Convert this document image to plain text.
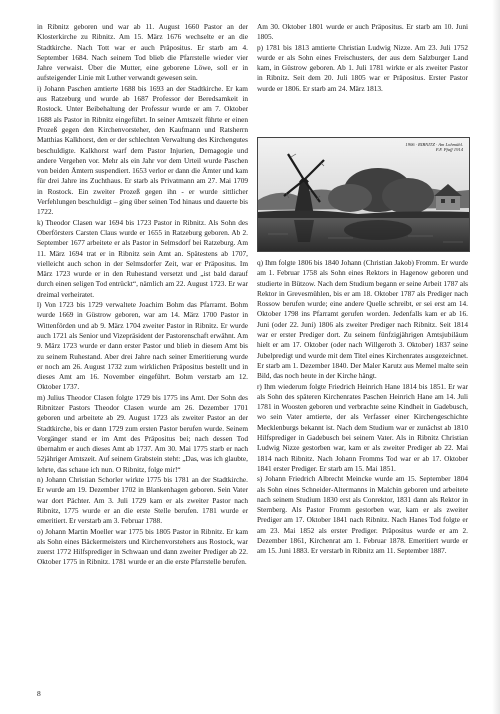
in Ribnitz geboren und war ab 11. August 1660 Pastor an der Klosterkirche zu Ribnitz. Am 15. März 1676 wechselte er an die Stadtkirche. Nach Tott war er auch Präpositus. Er starb am 4. September 1684. Nach seinem Tod blieb die Pfarrstelle wieder vier Jahre verwaist. Über die Mutter, eine geborene Löwe, soll er in aufsteigender Linie mit Luther verwandt gewesen sein.

i) Johann Paschen amtierte 1688 bis 1693 an der Stadtkirche. Er kam aus Ratzeburg und wurde ab 1687 Professor der Beredsamkeit in Rostock. Unter Beibehaltung der Professur wurde er am 7. Oktober 1688 als Pastor in Ribnitz eingeführt. In seiner Amtszeit führte er einen Prozeß gegen den Kirchenvorsteher, den Kaufmann und Ratsherrn Matthias Kalkhorst, den er der schlechten Verwaltung des Kirchengutes beschuldigte. Kalkhorst warf dem Pastor Injurien, Demagogie und andere Vergehen vor. Mehr als ein Jahr vor dem Urteil wurde Paschen von beiden Ämtern suspendiert. 1653 verlor er dann die Ämter und kam für drei Jahre ins Zuchthaus. Er starb als Privatmann am 27. Mai 1709 in Rostock. Ein zweiter Prozeß gegen ihn - er wurde sittlicher Verfehlungen beschuldigt – ging über seinen Tod hinaus und dauerte bis 1722.

k) Theodor Clasen war 1694 bis 1723 Pastor in Ribnitz. Als Sohn des Oberförsters Carsten Claus wurde er 1655 in Ratzeburg geboren. Ab 2. September 1677 arbeitete er als Pastor in Selmsdorf bei Ratzeburg. Am 11. März 1694 trat er in Ribnitz sein Amt an. Spätestens ab 1707, vielleicht auch schon in der Selmsdorfer Zeit, war er Präpositus. Im März 1723 wurde er in den Ruhestand versetzt und „ist bald darauf durch einen seligen Tod entrückt“, nämlich am 22. August 1723. Er war dreimal verheiratet.

l) Von 1723 bis 1729 verwaltete Joachim Bohm das Pfarramt. Bohm wurde 1669 in Güstrow geboren, war am 14. März 1700 Pastor in Wittenförden und ab 9. März 1704 zweiter Pastor in Ribnitz. Er wurde auch 1721 als Senior und Vizepräsident der Pastorenschaft erwähnt. Am 9. März 1723 wurde er dann erster Pastor und blieb in diesem Amt bis zu seinem Ruhestand. Aber drei Jahre nach seiner Emeritierung wurde er noch am 26. August 1732 zum wirklichen Präpositus bestellt und in dieses Amt am 16. November eingeführt. Bohm verstarb am 12. Oktober 1737.

m) Julius Theodor Clasen folgte 1729 bis 1775 ins Amt. Der Sohn des Ribnitzer Pastors Theodor Clasen wurde am 26. Dezember 1701 geboren und arbeitete ab 29. August 1723 als zweiter Pastor an der Stadtkirche, bis er dann 1729 zum ersten Pastor berufen wurde. Seinem Vorgänger stand er im Amt des Präpositus bei; nach dessen Tod übernahm er auch dieses Amt ab 1737. Am 30. Mai 1775 starb er nach 52jähriger Amtszeit. Auf seinem Grabstein steht: „Das, was ich glaubte, lehrte, das schaue ich nun. O Ribnitz, folge mir!“

n) Johann Christian Schorler wirkte 1775 bis 1781 an der Stadtkirche. Er wurde am 19. Dezember 1702 in Blankenhagen geboren. Sein Vater war dort Pächter. Am 3. Juli 1729 kam er als zweiter Pastor nach Ribnitz, 1775 wurde er an die erste Stelle berufen. 1781 wurde er emeritiert. Er verstarb am 3. Februar 1788.

o) Johann Martin Moeller war 1775 bis 1805 Pastor in Ribnitz. Er kam als Sohn eines Bäckermeisters und Kirchenvorstehers aus Rostock, war zuerst 1772 Hilfsprediger in Schwaan und dann zweiter Prediger ab 22. Oktober 1775 in Ribnitz. 1781 wurde er an die erste Pfarrstelle berufen.

Am 30. Oktober 1801 wurde er auch Präpositus. Er starb am 10. Juni 1805.

p) 1781 bis 1813 amtierte Christian Ludwig Nizze. Am 23. Juli 1752 wurde er als Sohn eines Freischusters, der aus dem Salzburger Land kam, in Güstrow geboren. Ab 1. Juli 1781 wirkte er als zweiter Pastor in Ribnitz. Seit dem 20. Juli 1805 war er Präpositus. Erster Pastor wurde er 1806. Er starb am 24. März 1813.

1906 · RIBNITZ · Am Lohmühl.
F.F. Pfaff 1914

q) Ihm folgte 1806 bis 1840 Johann (Christian Jakob) Fromm. Er wurde am 1. Februar 1758 als Sohn eines Rektors in Hagenow geboren und studierte in Bützow. Nach dem Studium begann er seine Arbeit 1787 als Rektor in Grevesmühlen, bis er am 18. Oktober 1787 als Prediger nach Rossow berufen wurde; eine andere Quelle schreibt, er sei erst am 14. Oktober 1798 ins Pfarramt gerufen worden. Jedenfalls kam er ab 16. Juni (oder 22. Juni) 1806 als zweiter Prediger nach Ribnitz. Seit 1814 war er erster Prediger dort. Zu seinem fünfzigjährigen Amtsjubiläum hielt er am 17. Oktober (oder nach Willgeroth 3. Oktober) 1837 seine Jubelpredigt und wurde mit dem Titel eines Kirchenrates ausgezeichnet. Er starb am 1. Dezember 1840. Der Maler Karutz aus Memel malte sein Bild, das noch heute in der Kirche hängt.

r) Ihm wiederum folgte Friedrich Heinrich Hane 1814 bis 1851. Er war als Sohn des späteren Kirchenrates Paschen Heinrich Hane am 14. Juli 1781 in Woosten geboren und verbrachte seine Kindheit in Gadebusch, wo sein Vater amtierte, der als Verfasser einer Kirchengeschichte Mecklenburgs bekannt ist. Nach dem Studium war er zunächst ab 1810 Hilfsprediger in Gadebusch bei seinem Vater. Als in Ribnitz Christian Ludwig Nizze gestorben war, kam er als zweiter Prediger ab 22. Mai 1814 nach Ribnitz. Nach Johann Fromms Tod war er ab 17. Oktober 1841 erster Prediger. Er starb am 15. Mai 1851.

s) Johann Friedrich Albrecht Meincke wurde am 15. September 1804 als Sohn eines Schneider-Altermanns in Malchin geboren und arbeitete nach seinem Studium 1830 erst als Conrektor, 1831 dann als Rektor in Sternberg. Als Pastor Fromm gestorben war, kam er als zweiter Prediger am 17. Oktober 1841 nach Ribnitz. Nach Hanes Tod folgte er am 23. Mai 1852 als erster Prediger. Präpositus wurde er am 2. Dezember 1861, Kirchenrat am 1. Februar 1878. Emeritiert wurde er am 15. Juni 1883. Er verstarb in Ribnitz am 11. September 1887.

8
